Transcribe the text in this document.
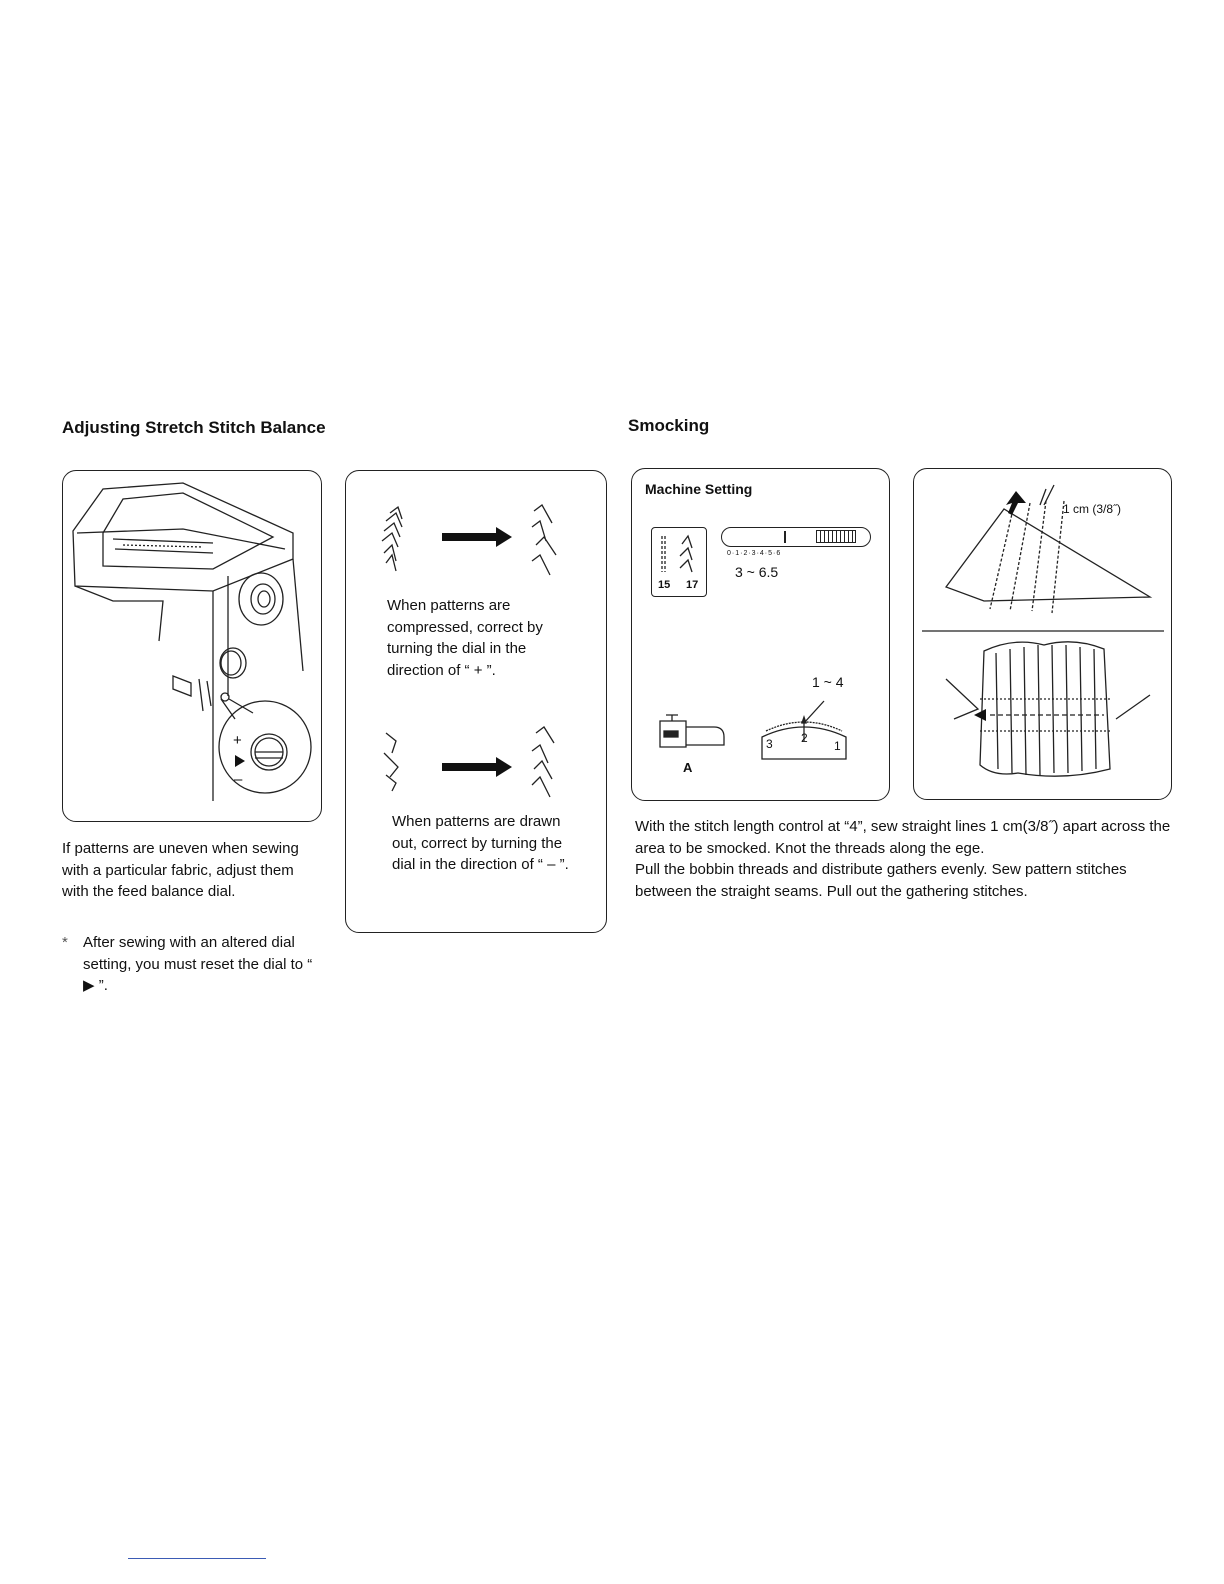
Adjusting Stretch Stitch Balance
+
–
If patterns are uneven when sewing with a particular fabric, adjust them with the feed balance dial.
* After sewing with an altered dial setting, you must reset the dial to “ ▶ ”.
When patterns are compressed, correct by turning the dial in the direction of “ + ”.
When patterns are drawn out, correct by turning the dial in the direction of “ – ”.
Smocking
Machine Setting
15 17
0·1·2·3·4·5·6
3 ~ 6.5
1 ~ 4
3 2
1
A
1 cm (3/8˝)
With the stitch length control at “4”, sew straight lines 1 cm(3/8˝) apart across the area to be smocked. Knot the threads along the ege.
Pull the bobbin threads and distribute gathers evenly. Sew pattern stitches between the straight seams. Pull out the gathering stitches.
